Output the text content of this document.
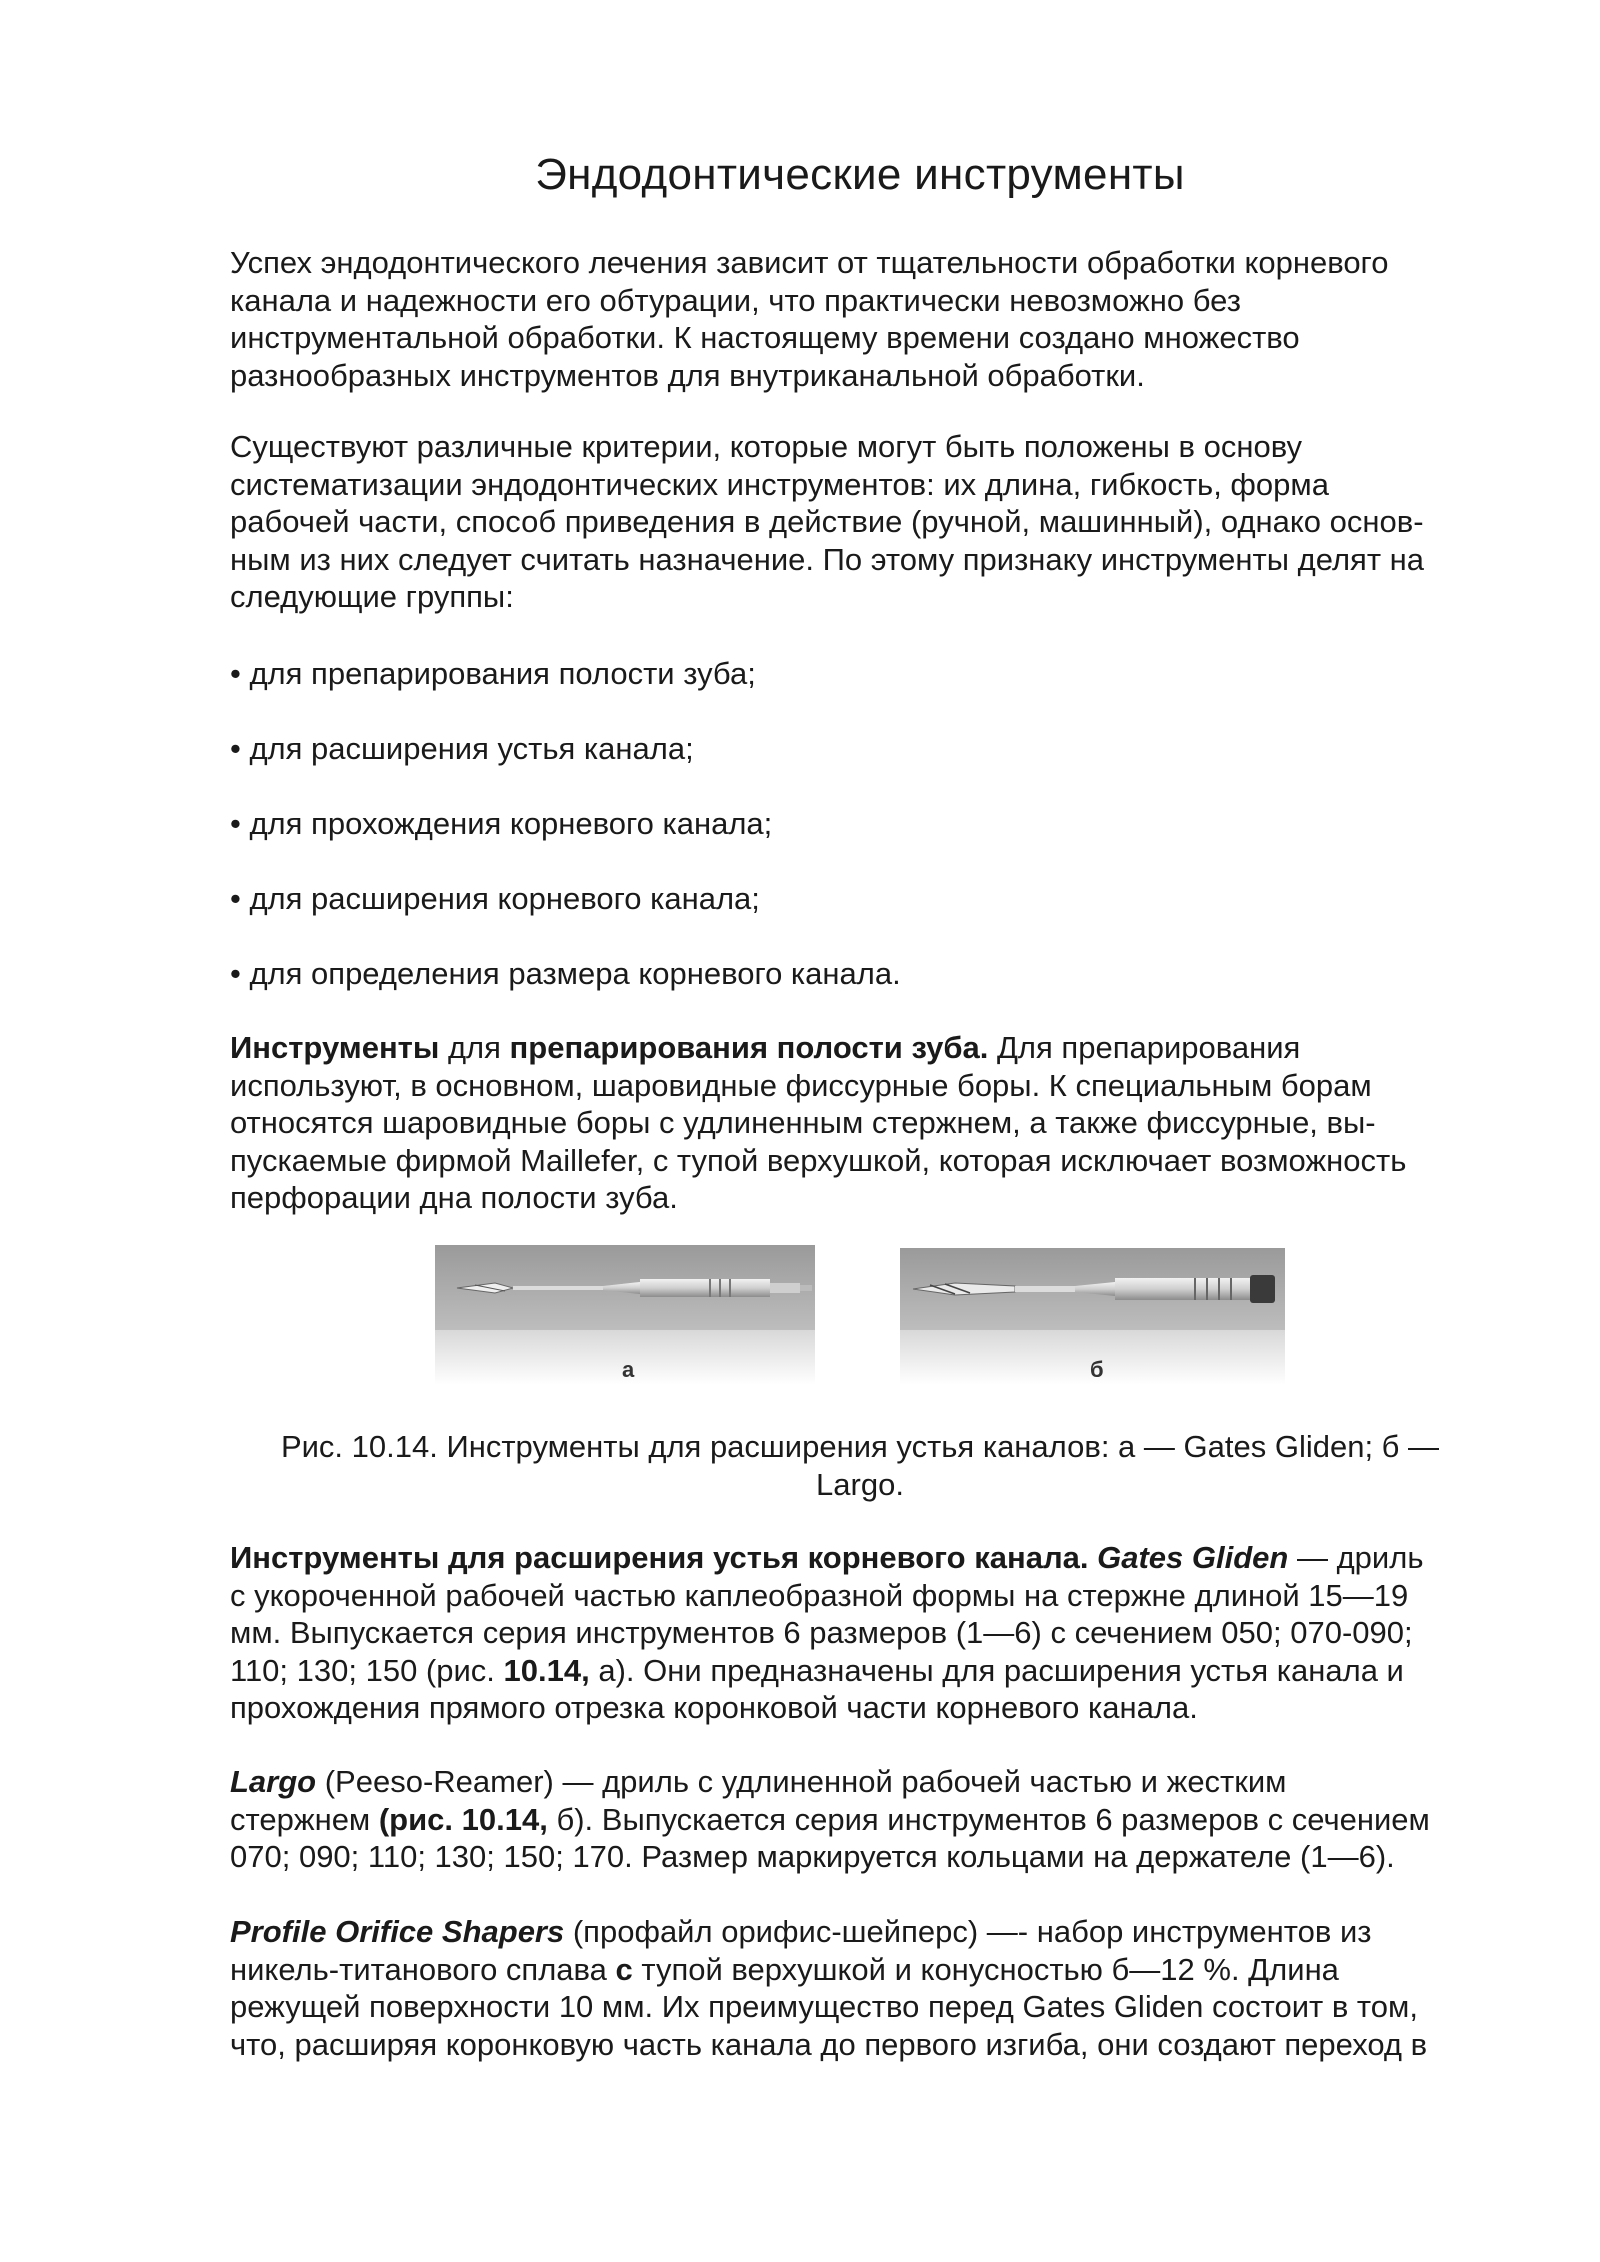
Эндодонтические инструменты

Успех эндодонтического лечения зависит от тщательности обработки корневого
канала и надежности его обтурации, что практически невозможно без
инструментальной обработки. К настоящему времени создано множество
разнообразных инструментов для внутриканальной обработки.

Существуют различные критерии, которые могут быть положены в основу
систематизации эндодонтических инструментов: их длина, гибкость, форма
рабочей части, способ приведения в действие (ручной, машинный), однако основ-
ным из них следует считать назначение. По этому признаку инструменты делят на
следующие группы:

• для препарирования полости зуба;

• для расширения устья канала;

• для прохождения корневого канала;

• для расширения корневого канала;

• для определения размера корневого канала.

Инструменты для препарирования полости зуба. Для препарирования
используют, в основном, шаровидные фиссурные боры. К специальным борам
относятся шаровидные боры с удлиненным стержнем, а также фиссурные, вы-
пускаемые фирмой Maillefer, с тупой верхушкой, которая исключает возможность
перфорации дна полости зуба.

а	б

Рис. 10.14. Инструменты для расширения устья каналов: а — Gates Gliden; б —
Largo.

Инструменты для расширения устья корневого канала. Gates Gliden — дриль
с укороченной рабочей частью каплеобразной формы на стержне длиной 15—19
мм. Выпускается серия инструментов 6 размеров (1—6) с сечением 050; 070-090;
110; 130; 150 (рис. 10.14, а). Они предназначены для расширения устья канала и
прохождения прямого отрезка коронковой части корневого канала.

Largo (Peeso-Reamer) — дриль с удлиненной рабочей частью и жестким
стержнем (рис. 10.14, б). Выпускается серия инструментов 6 размеров с сечением
070; 090; 110; 130; 150; 170. Размер маркируется кольцами на держателе (1—6).

Profile Orifice Shapers (профайл орифис-шейперс) —- набор инструментов из
никель-титанового сплава с тупой верхушкой и конусностью б—12 %. Длина
режущей поверхности 10 мм. Их преимущество перед Gates Gliden состоит в том,
что, расширяя коронковую часть канала до первого изгиба, они создают переход в
